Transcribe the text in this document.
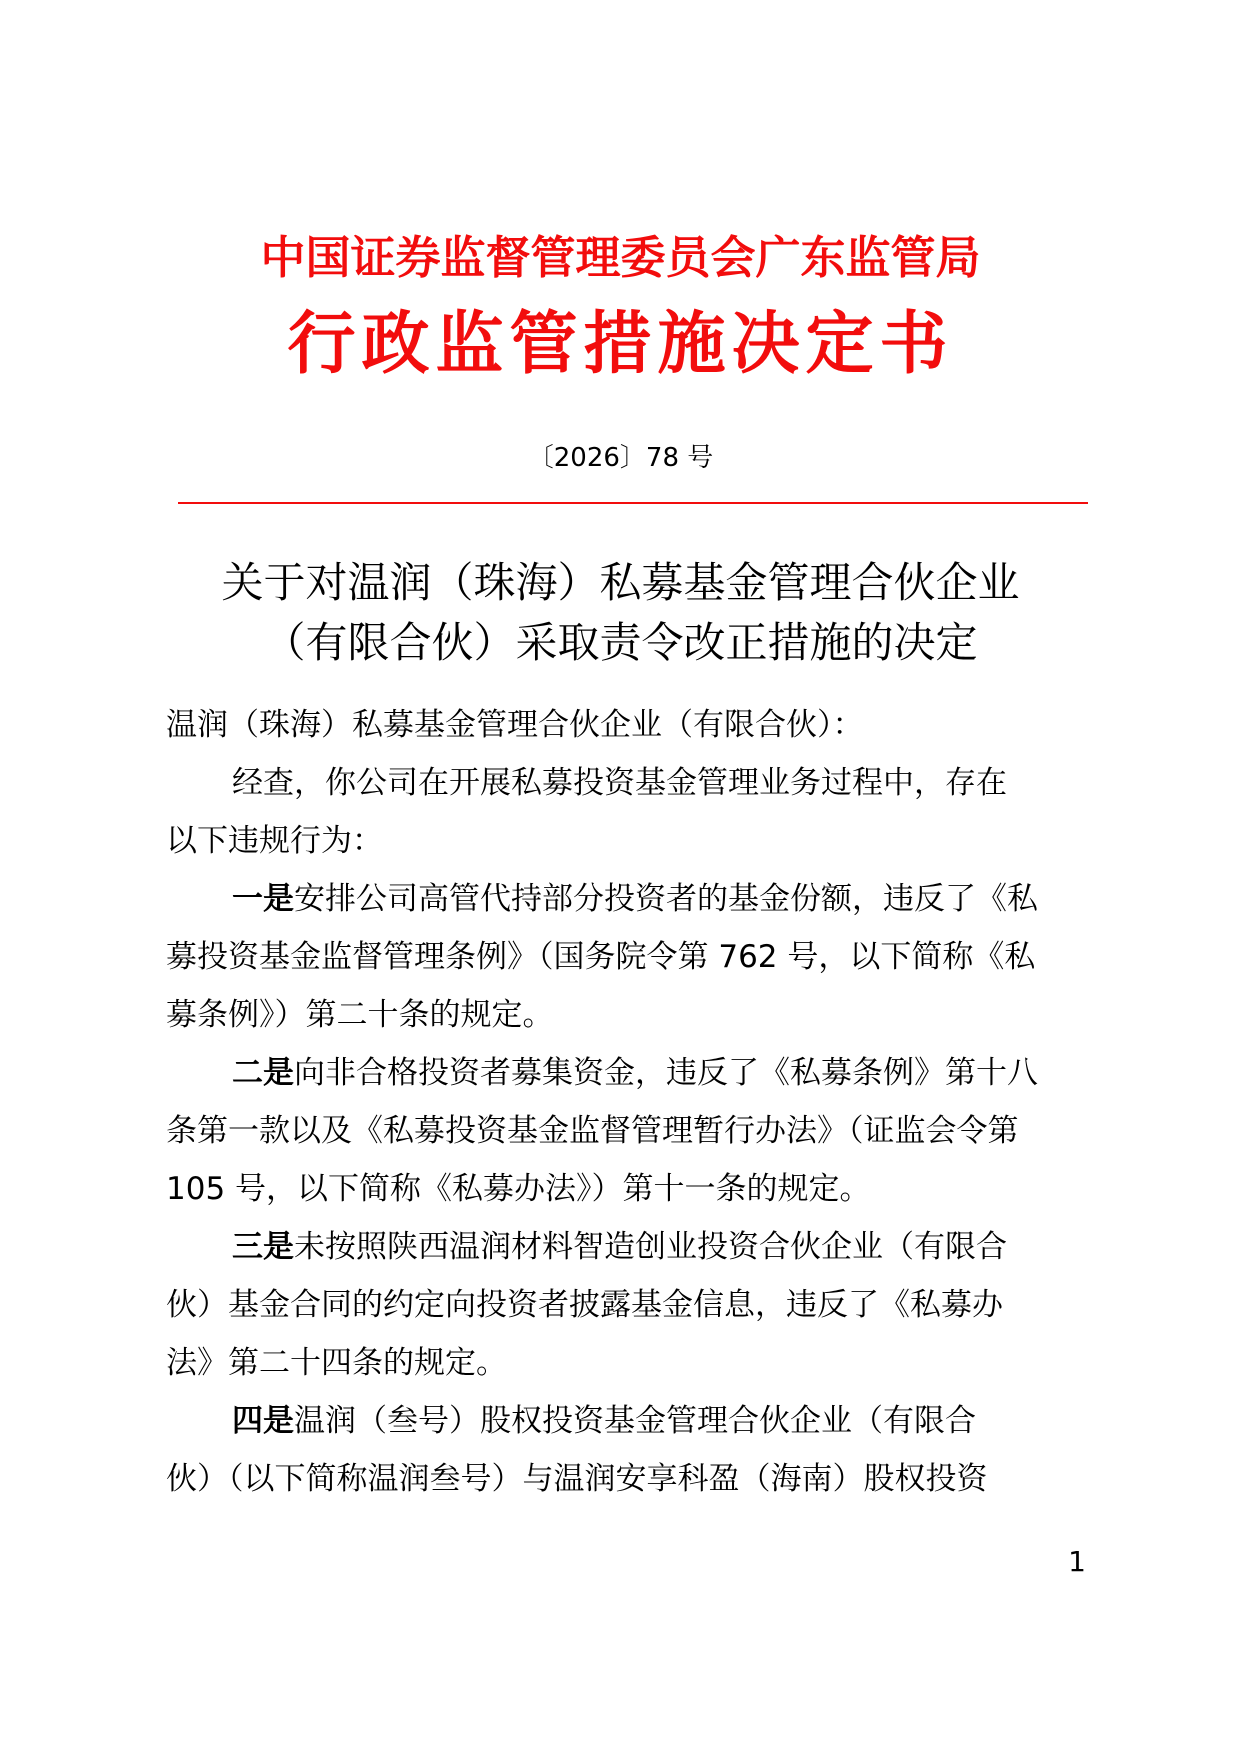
中国证券监督管理委员会广东监管局
行政监管措施决定书
〔2026〕78 号
关于对温润（珠海）私募基金管理合伙企业
（有限合伙）采取责令改正措施的决定
温润（珠海）私募基金管理合伙企业（有限合伙）：
经查，你公司在开展私募投资基金管理业务过程中，存在
以下违规行为：
一是安排公司高管代持部分投资者的基金份额，违反了《私
募投资基金监督管理条例》（国务院令第 762 号，以下简称《私
募条例》）第二十条的规定。
二是向非合格投资者募集资金，违反了《私募条例》第十八
条第一款以及《私募投资基金监督管理暂行办法》（证监会令第
105 号，以下简称《私募办法》）第十一条的规定。
三是未按照陕西温润材料智造创业投资合伙企业（有限合
伙）基金合同的约定向投资者披露基金信息，违反了《私募办
法》第二十四条的规定。
四是温润（叁号）股权投资基金管理合伙企业（有限合
伙）（以下简称温润叁号）与温润安享科盈（海南）股权投资
1
